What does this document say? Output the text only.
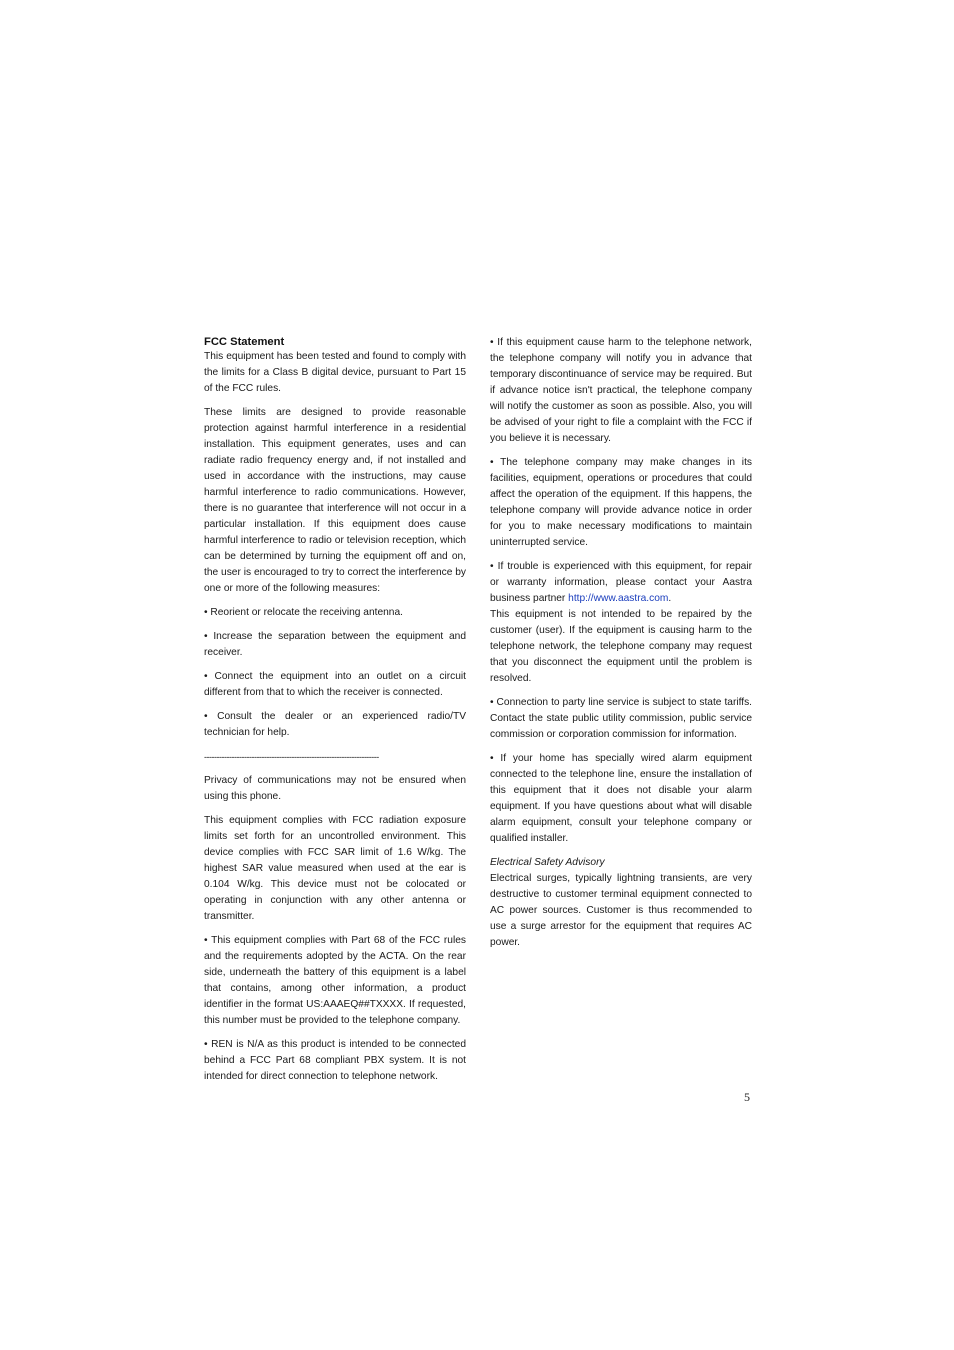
FCC Statement

This equipment has been tested and found to comply with the limits for a Class B digital device, pursuant to Part 15 of the FCC rules.

These limits are designed to provide reasonable protection against harmful interference in a residential installation. This equipment generates, uses and can radiate radio frequency energy and, if not installed and used in accordance with the instructions, may cause harmful interference to radio communications. However, there is no guarantee that interference will not occur in a particular installation. If this equipment does cause harmful interference to radio or television reception, which can be determined by turning the equipment off and on, the user is encouraged to try to correct the interference by one or more of the following measures:

• Reorient or relocate the receiving antenna.

• Increase the separation between the equipment and receiver.

• Connect the equipment into an outlet on a circuit different from that to which the receiver is connected.

• Consult the dealer or an experienced radio/TV technician for help.

----------------------------------------------------------------------

Privacy of communications may not be ensured when using this phone.

This equipment complies with FCC radiation exposure limits set forth for an uncontrolled environment. This device complies with FCC SAR limit of 1.6 W/kg. The highest SAR value measured when used at the ear is 0.104 W/kg. This device must not be colocated or operating in conjunction with any other antenna or transmitter.

• This equipment complies with Part 68 of the FCC rules and the requirements adopted by the ACTA. On the rear side, underneath the battery of this equipment is a label that contains, among other information, a product identifier in the format US:AAAEQ##TXXXX. If requested, this number must be provided to the telephone company.

• REN is N/A as this product is intended to be connected behind a FCC Part 68 compliant PBX system. It is not intended for direct connection to telephone network.

• If this equipment cause harm to the telephone network, the telephone company will notify you in advance that temporary discontinuance of service may be required. But if advance notice isn't practical, the telephone company will notify the customer as soon as possible. Also, you will be advised of your right to file a complaint with the FCC if you believe it is necessary.

• The telephone company may make changes in its facilities, equipment, operations or procedures that could affect the operation of the equipment. If this happens, the telephone company will provide advance notice in order for you to make necessary modifications to maintain uninterrupted service.

• If trouble is experienced with this equipment, for repair or warranty information, please contact your Aastra business partner http://www.aastra.com.

This equipment is not intended to be repaired by the customer (user). If the equipment is causing harm to the telephone network, the telephone company may request that you disconnect the equipment until the problem is resolved.

• Connection to party line service is subject to state tariffs. Contact the state public utility commission, public service commission or corporation commission for information.

• If your home has specially wired alarm equipment connected to the telephone line, ensure the installation of this equipment that it does not disable your alarm equipment. If you have questions about what will disable alarm equipment, consult your telephone company or qualified installer.

Electrical Safety Advisory

Electrical surges, typically lightning transients, are very destructive to customer terminal equipment connected to AC power sources. Customer is thus recommended to use a surge arrestor for the equipment that requires AC power.

5
